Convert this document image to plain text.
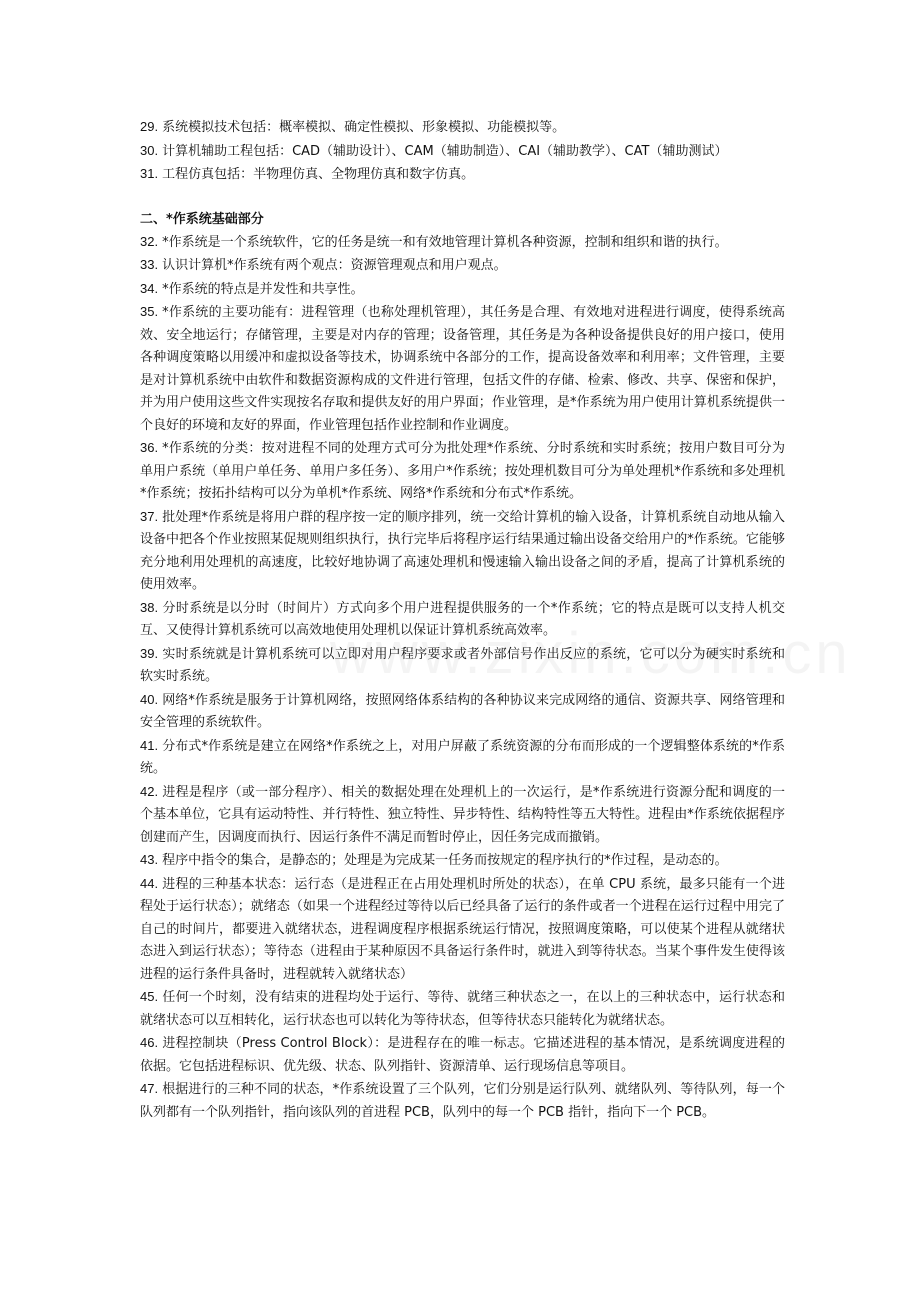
29. 系统模拟技术包括：概率模拟、确定性模拟、形象模拟、功能模拟等。

30. 计算机辅助工程包括：CAD（辅助设计）、CAM（辅助制造）、CAI（辅助教学）、CAT（辅助测试）

31. 工程仿真包括：半物理仿真、全物理仿真和数字仿真。

二、*作系统基础部分

32. *作系统是一个系统软件，它的任务是统一和有效地管理计算机各种资源，控制和组织和谐的执行。

33. 认识计算机*作系统有两个观点：资源管理观点和用户观点。

34. *作系统的特点是并发性和共享性。

35. *作系统的主要功能有：进程管理（也称处理机管理），其任务是合理、有效地对进程进行调度，使得系统高效、安全地运行；存储管理，主要是对内存的管理；设备管理，其任务是为各种设备提供良好的用户接口，使用各种调度策略以用缓冲和虚拟设备等技术，协调系统中各部分的工作，提高设备效率和利用率；文件管理，主要是对计算机系统中由软件和数据资源构成的文件进行管理，包括文件的存储、检索、修改、共享、保密和保护，并为用户使用这些文件实现按名存取和提供友好的用户界面；作业管理，是*作系统为用户使用计算机系统提供一个良好的环境和友好的界面，作业管理包括作业控制和作业调度。

36. *作系统的分类：按对进程不同的处理方式可分为批处理*作系统、分时系统和实时系统；按用户数目可分为单用户系统（单用户单任务、单用户多任务）、多用户*作系统；按处理机数目可分为单处理机*作系统和多处理机*作系统；按拓扑结构可以分为单机*作系统、网络*作系统和分布式*作系统。

37. 批处理*作系统是将用户群的程序按一定的顺序排列，统一交给计算机的输入设备，计算机系统自动地从输入设备中把各个作业按照某促规则组织执行，执行完毕后将程序运行结果通过输出设备交给用户的*作系统。它能够充分地利用处理机的高速度，比较好地协调了高速处理机和慢速输入输出设备之间的矛盾，提高了计算机系统的使用效率。

38. 分时系统是以分时（时间片）方式向多个用户进程提供服务的一个*作系统；它的特点是既可以支持人机交互、又使得计算机系统可以高效地使用处理机以保证计算机系统高效率。

39. 实时系统就是计算机系统可以立即对用户程序要求或者外部信号作出反应的系统，它可以分为硬实时系统和软实时系统。

40. 网络*作系统是服务于计算机网络，按照网络体系结构的各种协议来完成网络的通信、资源共享、网络管理和安全管理的系统软件。

41. 分布式*作系统是建立在网络*作系统之上，对用户屏蔽了系统资源的分布而形成的一个逻辑整体系统的*作系统。

42. 进程是程序（或一部分程序）、相关的数据处理在处理机上的一次运行，是*作系统进行资源分配和调度的一个基本单位，它具有运动特性、并行特性、独立特性、异步特性、结构特性等五大特性。进程由*作系统依据程序创建而产生，因调度而执行、因运行条件不满足而暂时停止，因任务完成而撤销。

43. 程序中指令的集合，是静态的；处理是为完成某一任务而按规定的程序执行的*作过程，是动态的。

44. 进程的三种基本状态：运行态（是进程正在占用处理机时所处的状态），在单 CPU 系统，最多只能有一个进程处于运行状态）；就绪态（如果一个进程经过等待以后已经具备了运行的条件或者一个进程在运行过程中用完了自己的时间片，都要进入就绪状态，进程调度程序根据系统运行情况，按照调度策略，可以使某个进程从就绪状态进入到运行状态）；等待态（进程由于某种原因不具备运行条件时，就进入到等待状态。当某个事件发生使得该进程的运行条件具备时，进程就转入就绪状态）

45. 任何一个时刻，没有结束的进程均处于运行、等待、就绪三种状态之一，在以上的三种状态中，运行状态和就绪状态可以互相转化，运行状态也可以转化为等待状态，但等待状态只能转化为就绪状态。

46. 进程控制块（Press Control Block）：是进程存在的唯一标志。它描述进程的基本情况，是系统调度进程的依据。它包括进程标识、优先级、状态、队列指针、资源清单、运行现场信息等项目。

47. 根据进行的三种不同的状态，*作系统设置了三个队列，它们分别是运行队列、就绪队列、等待队列，每一个队列都有一个队列指针，指向该队列的首进程 PCB，队列中的每一个 PCB 指针，指向下一个 PCB。
